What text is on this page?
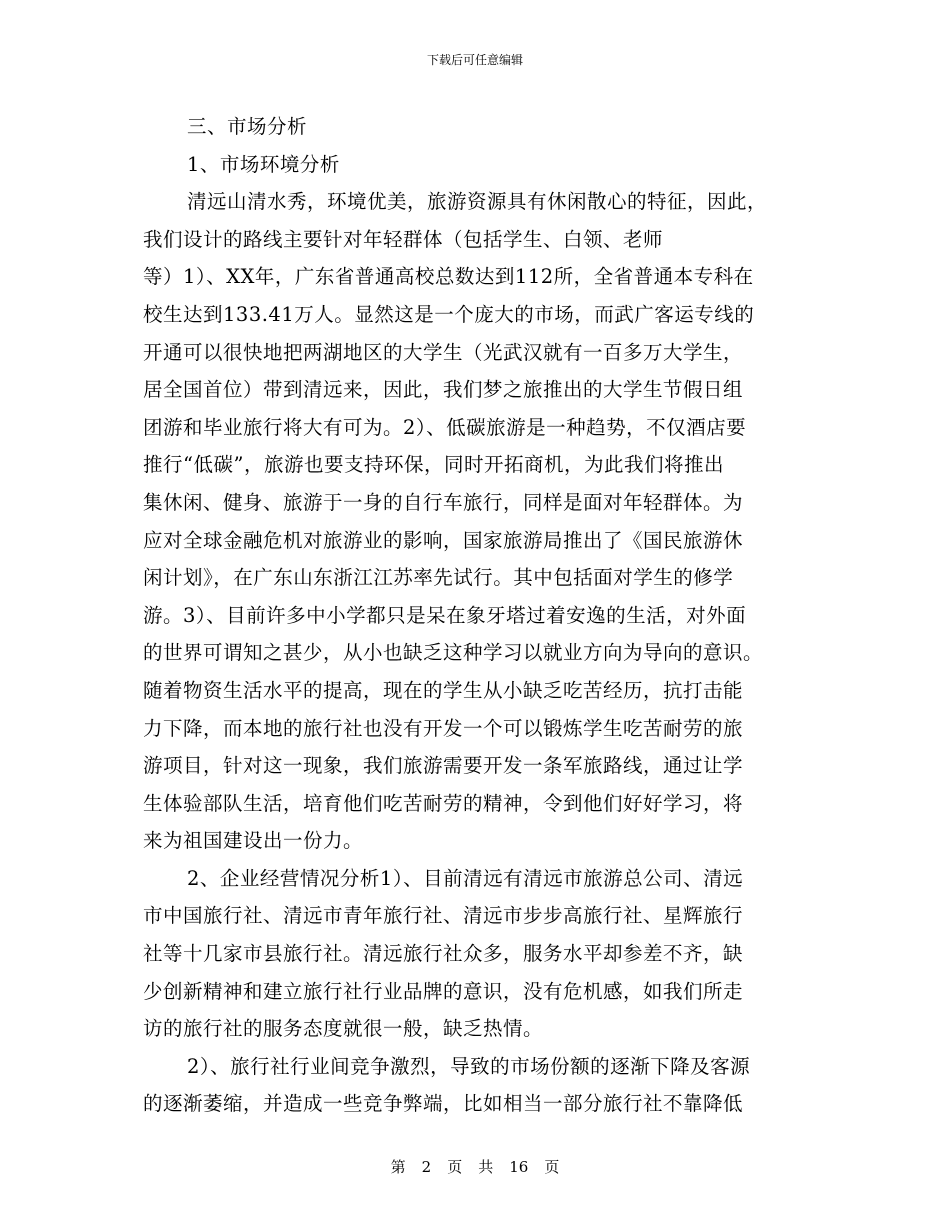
下载后可任意编辑
三、市场分析
1、市场环境分析
清远山清水秀，环境优美，旅游资源具有休闲散心的特征，因此，
我们设计的路线主要针对年轻群体（包括学生、白领、老师
等）1）、XX年，广东省普通高校总数达到112所，全省普通本专科在
校生达到133.41万人。显然这是一个庞大的市场，而武广客运专线的
开通可以很快地把两湖地区的大学生（光武汉就有一百多万大学生，
居全国首位）带到清远来，因此，我们梦之旅推出的大学生节假日组
团游和毕业旅行将大有可为。2）、低碳旅游是一种趋势，不仅酒店要
推行“低碳”，旅游也要支持环保，同时开拓商机，为此我们将推出
集休闲、健身、旅游于一身的自行车旅行，同样是面对年轻群体。为
应对全球金融危机对旅游业的影响，国家旅游局推出了《国民旅游休
闲计划》，在广东山东浙江江苏率先试行。其中包括面对学生的修学
游。3）、目前许多中小学都只是呆在象牙塔过着安逸的生活，对外面
的世界可谓知之甚少，从小也缺乏这种学习以就业方向为导向的意识。
随着物资生活水平的提高，现在的学生从小缺乏吃苦经历，抗打击能
力下降，而本地的旅行社也没有开发一个可以锻炼学生吃苦耐劳的旅
游项目，针对这一现象，我们旅游需要开发一条军旅路线，通过让学
生体验部队生活，培育他们吃苦耐劳的精神，令到他们好好学习，将
来为祖国建设出一份力。
2、企业经营情况分析1）、目前清远有清远市旅游总公司、清远
市中国旅行社、清远市青年旅行社、清远市步步高旅行社、星辉旅行
社等十几家市县旅行社。清远旅行社众多，服务水平却参差不齐，缺
少创新精神和建立旅行社行业品牌的意识，没有危机感，如我们所走
访的旅行社的服务态度就很一般，缺乏热情。
2）、旅行社行业间竞争激烈，导致的市场份额的逐渐下降及客源
的逐渐萎缩，并造成一些竞争弊端，比如相当一部分旅行社不靠降低
第 2 页 共 16 页
